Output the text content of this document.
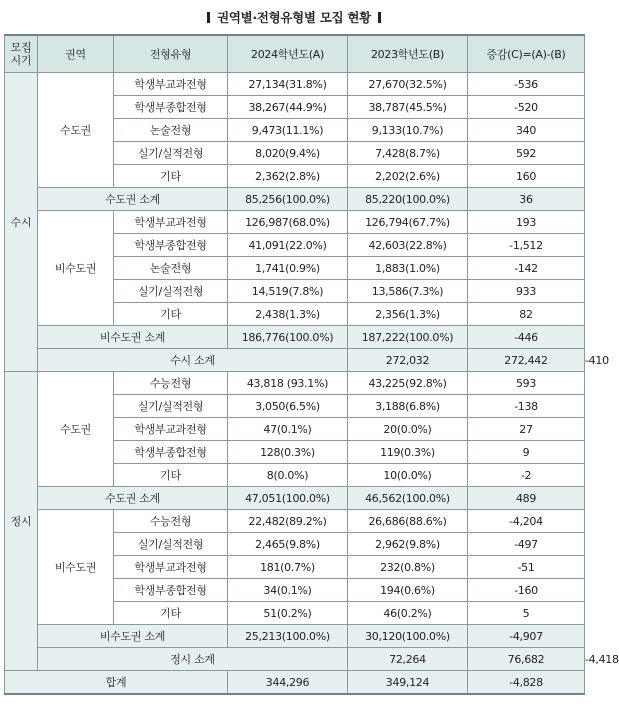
권역별·전형유형별 모집 현황
모집
시기	권역	전형유형	2024학년도(A)	2023학년도(B)	증감(C)=(A)-(B)	
수시	수도권	학생부교과전형	27,134(31.8%)	27,670(32.5%)	-536	
		학생부종합전형	38,267(44.9%)	38,787(45.5%)	-520	
		논술전형	9,473(11.1%)	9,133(10.7%)	340	
		실기/실적전형	8,020(9.4%)	7,428(8.7%)	592	
		기타	2,362(2.8%)	2,202(2.6%)	160	
	수도권 소계		85,256(100.0%)	85,220(100.0%)	36	
	비수도권	학생부교과전형	126,987(68.0%)	126,794(67.7%)	193	
		학생부종합전형	41,091(22.0%)	42,603(22.8%)	-1,512	
		논술전형	1,741(0.9%)	1,883(1.0%)	-142	
		실기/실적전형	14,519(7.8%)	13,586(7.3%)	933	
		기타	2,438(1.3%)	2,356(1.3%)	82	
	비수도권 소계		186,776(100.0%)	187,222(100.0%)	-446	
	수시 소계			272,032	272,442	-410
정시	수도권	수능전형	43,818 (93.1%)	43,225(92.8%)	593	
		실기/실적전형	3,050(6.5%)	3,188(6.8%)	-138	
		학생부교과전형	47(0.1%)	20(0.0%)	27	
		학생부종합전형	128(0.3%)	119(0.3%)	9	
		기타	8(0.0%)	10(0.0%)	-2	
	수도권 소계		47,051(100.0%)	46,562(100.0%)	489	
	비수도권	수능전형	22,482(89.2%)	26,686(88.6%)	-4,204	
		실기/실적전형	2,465(9.8%)	2,962(9.8%)	-497	
		학생부교과전형	181(0.7%)	232(0.8%)	-51	
		학생부종합전형	34(0.1%)	194(0.6%)	-160	
		기타	51(0.2%)	46(0.2%)	5	
	비수도권 소계		25,213(100.0%)	30,120(100.0%)	-4,907	
	정시 소계			72,264	76,682	-4,418
합계			344,296	349,124	-4,828	
